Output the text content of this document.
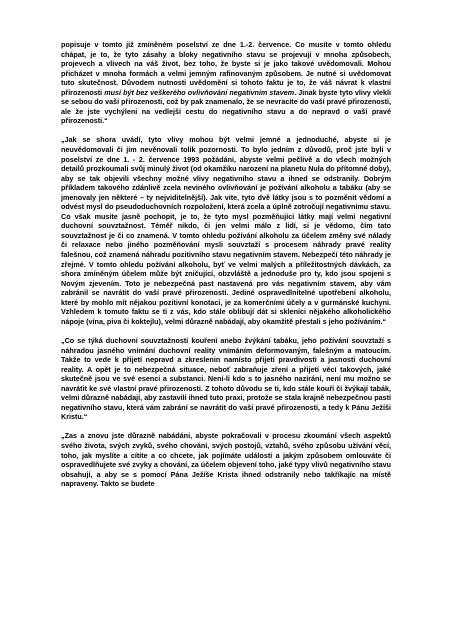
popisuje v tomto již zmíněném poselství ze dne 1.-2. července. Co musíte v tomto ohledu chápat, je to, že tyto zásahy a bloky negativního stavu se projevují v mnoha způsobech, projevech a vlivech na váš život, bez toho, že byste si je jako takové uvědomovali. Mohou přicházet v mnoha formách a velmi jemným rafinovaným způsobem. Je nutné si uvědomovat tuto skutečnost. Důvodem nutnosti uvědomění si tohoto faktu je to, že váš návrat k vlastní přirozenosti musí být bez veškerého ovlivňování negativním stavem. Jinak byste tyto vlivy vlekli se sebou do vaší přirozenosti, což by pak znamenalo, že se nevracíte do vaší pravé přirozenosti, ale že jste vychýleni na vedlejší cestu do negativního stavu a do nepravd o vaší pravé přirozenosti.“

„Jak se shora uvádí, tyto vlivy mohou být velmi jemné a jednoduché, abyste si je neuvědomovali či jim nevěnovali tolik pozornosti. To bylo jedním z důvodů, proč jste byli v poselství ze dne 1. - 2. července 1993 požádáni, abyste velmi pečlivě a do všech možných detailů prozkoumali svůj minulý život (od okamžiku narození na planetu Nula do přítomné doby), aby se tak objevili všechny možné vlivy negativního stavu a ihned se odstranily. Dobrým příkladem takového zdánlivě zcela neviného ovlivňování je požívání alkoholu a tabáku (aby se jmenovaly jen některé – ty nejviditelnější). Jak vite, tyto dvě látky jsou s to pozměnit vědomí a odvést mysl do pseudoduchovních rozpoložení, která zcela a úplně zotročují negativnímu stavu. Co však musite jasně pochopit, je to, že tyto mysl pozměňující látky mají velmi negativní duchovní souvztažnost. Téměř nikdo, či jen velmi málo z lidí, si je vědomo, čím tato souvztažnost je či co znamená. V tomto ohledu požívání alkoholu za účelem změny své nálady či relaxace nebo jiného pozměňování mysli souvztaží s procesem náhrady pravé reality falešnou, což znamená náhradu pozitivního stavu negativním stavem. Nebezpečí této náhrady je zřejmé. V tomto ohledu požívání alkoholu, byť ve velmi malých a příležitostných dávkách, za shora zmíněným účelem může být zničující, obzvláště a jednoduše pro ty, kdo jsou spojeni s Novým zjevením. Toto je nebezpečná past nastavená pro vás negativním stavem, aby vám zabránil se navrátit do vaší pravé přirozenosti. Jediné ospravedlnitelné upotřebení alkoholu, které by mohlo mít nějakou pozitivní konotaci, je za komerčními účely a v gurmánské kuchyni. Vzhledem k tomuto faktu se ti z vás, kdo stále oblibují dát si skleníci nějakého alkoholického nápoje (vína, piva či koktejlu), velmi důrazně nabádají, aby okamžitě přestali s jeho požíváním.“

„Co se týká duchovní souvztažnosti kouření anebo žvýkání tabáku, jeho požívání souvztaží s náhradou jasného vnímání duchovní reality vnímáním deformovaným, falešným a matoucím. Takže to vede k přijetí nepravd a zkreslenin namísto přijetí pravdivosti a jasnosti duchovní reality. A opět je to nebezpečná situace, neboť zabraňuje zření a přijetí věcí takových, jaké skutečně jsou ve své esenci a substanci. Není-li kdo s to jasného nazírání, není mu možno se navrátit ke své vlastní pravé přirozenosti. Z tohoto důvodu se ti, kdo stále kouří či žvýkají tabák, velmi důrazně nabádají, aby zastavili ihned tuto praxi, protože se stala krajně nebezpečnou pastí negativního stavu, která vám zabrání se navrátit do vaší pravé přirozenosti, a tedy k Pánu Ježíši Kristu.“

„Zas a znovu jste důrazně nabádáni, abyste pokračovali v procesu zkoumání všech aspektů svého života, svých zvyků, svého chování, svých postojů, vztahů, svého způsobu užívání věcí, toho, jak myslíte a cítíte a co chcete, jak pojímáte události a jakým způsobem omlouváte či ospravedlňujete své zvyky a chování, za účelem objevení toho, jaké typy vlivů negativního stavu obsahují, a aby se s pomocí Pána Ježíše Krista ihned odstranily nebo takříkajíc na místě napraveny. Takto se budete
